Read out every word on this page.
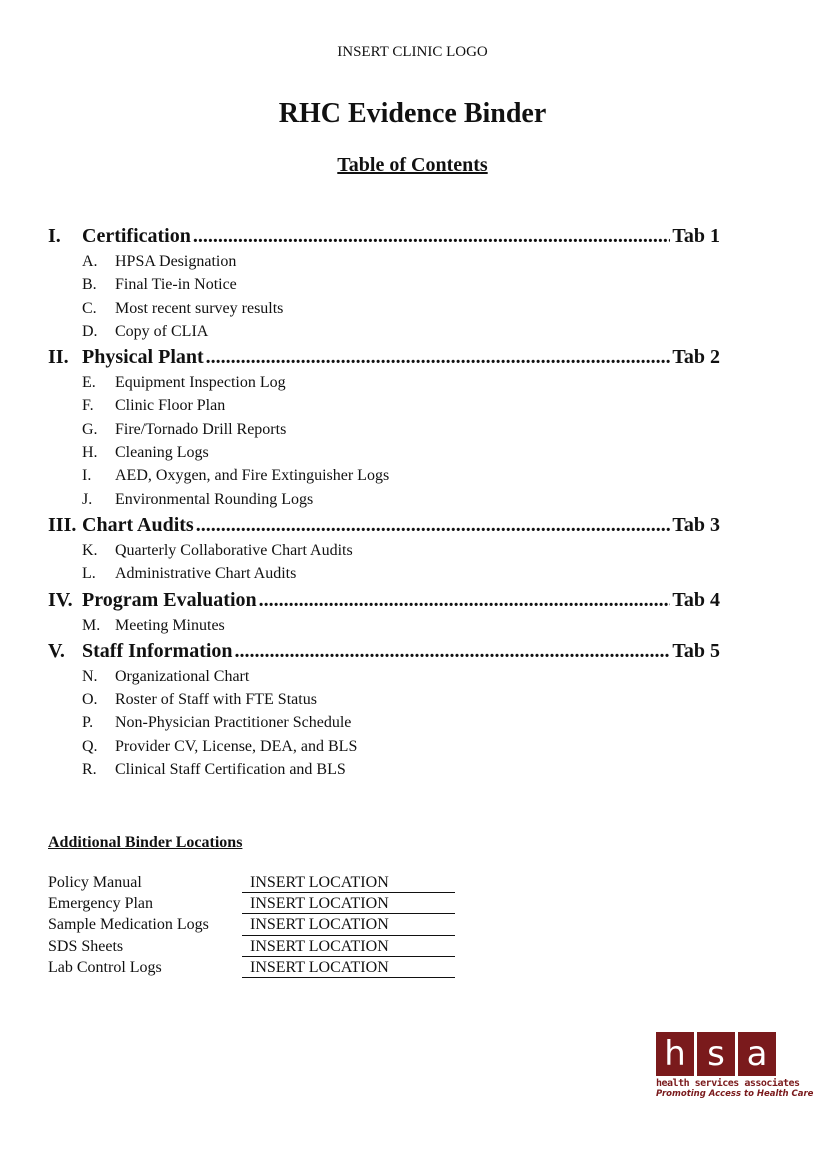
INSERT CLINIC LOGO
RHC Evidence Binder
Table of Contents
I.	Certification .....	Tab 1
A.	HPSA Designation
B.	Final Tie-in Notice
C.	Most recent survey results
D.	Copy of CLIA
II. Physical Plant .....	Tab 2
E.	Equipment Inspection Log
F.	Clinic Floor Plan
G.	Fire/Tornado Drill Reports
H.	Cleaning Logs
I.	AED, Oxygen, and Fire Extinguisher Logs
J.	Environmental Rounding Logs
III. Chart Audits .....	Tab 3
K.	Quarterly Collaborative Chart Audits
L.	Administrative Chart Audits
IV. Program Evaluation .....	Tab 4
M. Meeting Minutes
V. Staff Information .....	Tab 5
N.	Organizational Chart
O.	Roster of Staff with FTE Status
P.	Non-Physician Practitioner Schedule
Q.	Provider CV, License, DEA, and BLS
R.	Clinical Staff Certification and BLS
Additional Binder Locations
Policy Manual	INSERT LOCATION
Emergency Plan	INSERT LOCATION
Sample Medication Logs	INSERT LOCATION
SDS Sheets	INSERT LOCATION
Lab Control Logs	INSERT LOCATION
h s a
health services associates
Promoting Access to Health Care
